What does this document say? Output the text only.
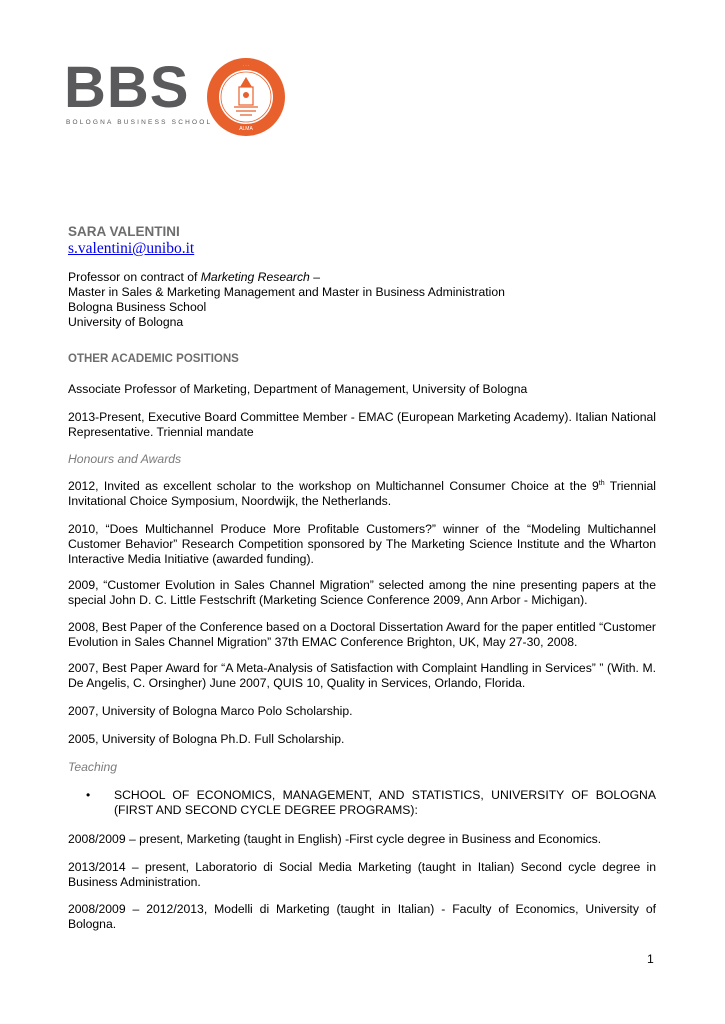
BBS
BOLOGNA BUSINESS SCHOOL
ALMA
· · ·
SARA VALENTINI
s.valentini@unibo.it

Professor on contract of Marketing Research –

Master in Sales & Marketing Management and Master in Business Administration

Bologna Business School

University of Bologna

OTHER ACADEMIC POSITIONS

Associate Professor of Marketing, Department of Management, University of Bologna

2013-Present, Executive Board Committee Member - EMAC (European Marketing Academy). Italian National Representative. Triennial mandate

Honours and Awards

2012, Invited as excellent scholar to the workshop on Multichannel Consumer Choice at the 9th Triennial Invitational Choice Symposium, Noordwijk, the Netherlands.

2010, “Does Multichannel Produce More Profitable Customers?” winner of the “Modeling Multichannel Customer Behavior” Research Competition sponsored by The Marketing Science Institute and the Wharton Interactive Media Initiative (awarded funding).

2009, “Customer Evolution in Sales Channel Migration” selected among the nine presenting papers at the special John D. C. Little Festschrift (Marketing Science Conference 2009, Ann Arbor - Michigan).

2008, Best Paper of the Conference based on a Doctoral Dissertation Award for the paper entitled “Customer Evolution in Sales Channel Migration” 37th EMAC Conference Brighton, UK, May 27-30, 2008.

2007, Best Paper Award for “A Meta-Analysis of Satisfaction with Complaint Handling in Services” ” (With. M. De Angelis, C. Orsingher) June 2007, QUIS 10, Quality in Services, Orlando, Florida.

2007, University of Bologna Marco Polo Scholarship.

2005, University of Bologna Ph.D. Full Scholarship.

Teaching

• SCHOOL OF ECONOMICS, MANAGEMENT, AND STATISTICS, UNIVERSITY OF BOLOGNA (FIRST AND SECOND CYCLE DEGREE PROGRAMS):

2008/2009 – present, Marketing (taught in English) -First cycle degree in Business and Economics.

2013/2014 – present, Laboratorio di Social Media Marketing (taught in Italian) Second cycle degree in Business Administration.

2008/2009 – 2012/2013, Modelli di Marketing (taught in Italian) - Faculty of Economics, University of Bologna.

1
